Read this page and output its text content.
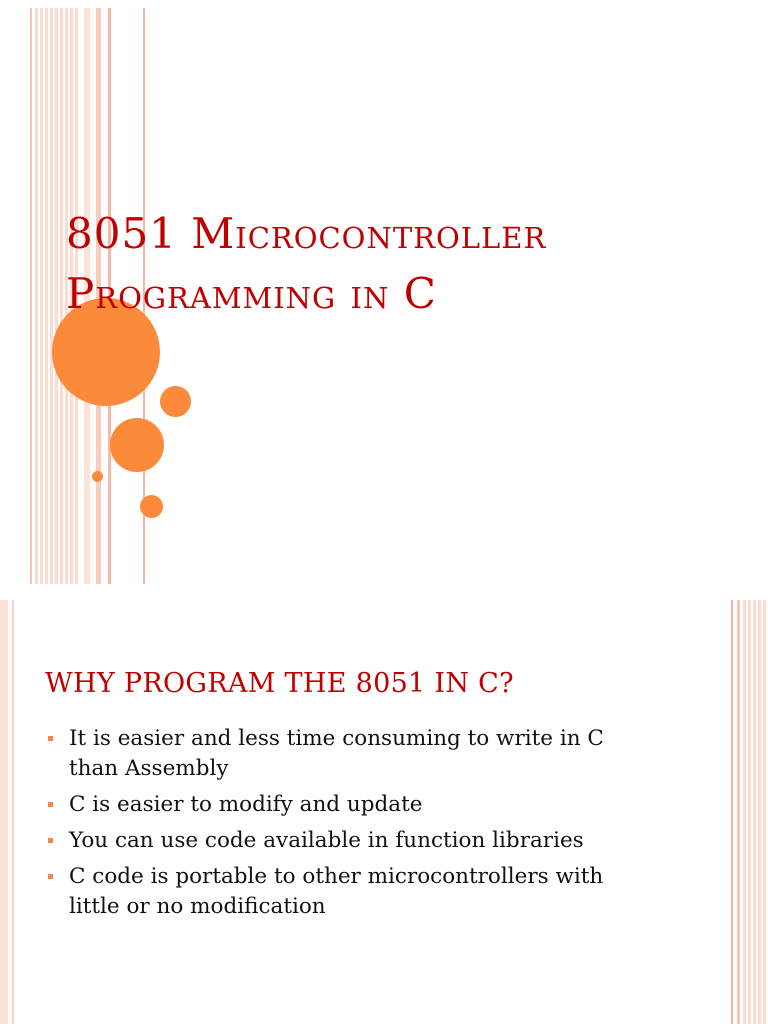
8051 Microcontroller
Programming in C
WHY PROGRAM THE 8051 IN C?
It is easier and less time consuming to write in C
than Assembly
C is easier to modify and update
You can use code available in function libraries
C code is portable to other microcontrollers with
little or no modification
